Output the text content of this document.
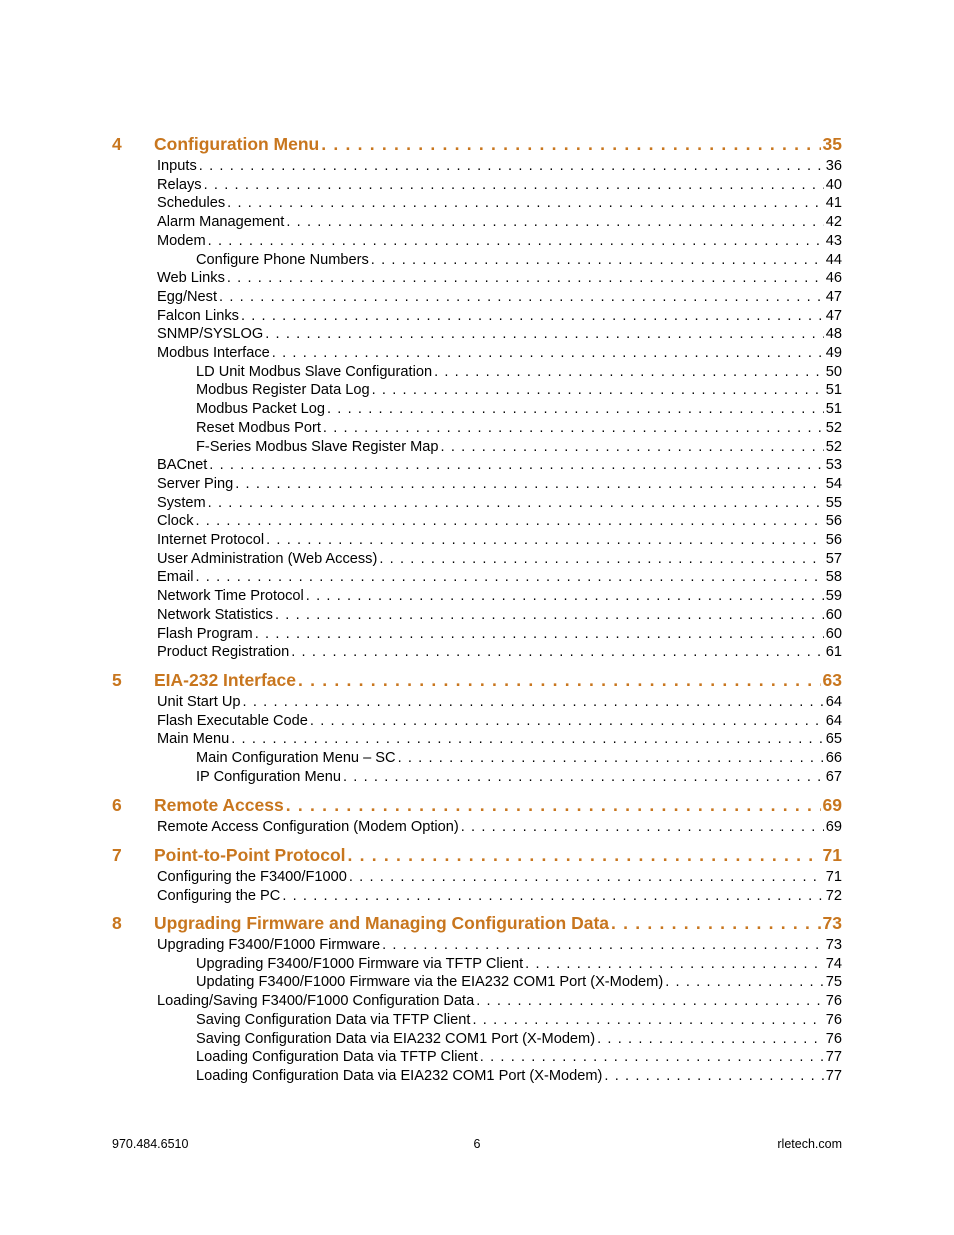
4	Configuration Menu . . .	35
Inputs . . .	36
Relays . . .	40
Schedules . . .	41
Alarm Management . . .	42
Modem . . .	43
Configure Phone Numbers . . .	44
Web Links . . .	46
Egg/Nest . . .	47
Falcon Links . . .	47
SNMP/SYSLOG . . .	48
Modbus Interface . . .	49
LD Unit Modbus Slave Configuration . . .	50
Modbus Register Data Log . . .	51
Modbus Packet Log . . .	51
Reset Modbus Port . . .	52
F-Series Modbus Slave Register Map . . .	52
BACnet . . .	53
Server Ping . . .	54
System . . .	55
Clock . . .	56
Internet Protocol . . .	56
User Administration (Web Access) . . .	57
Email . . .	58
Network Time Protocol . . .	59
Network Statistics . . .	60
Flash Program . . .	60
Product Registration . . .	61
5	EIA-232 Interface . . .	63
Unit Start Up . . .	64
Flash Executable Code . . .	64
Main Menu . . .	65
Main Configuration Menu – SC . . .	66
IP Configuration Menu . . .	67
6	Remote Access . . .	69
Remote Access Configuration (Modem Option) . . .	69
7	Point-to-Point Protocol . . .	71
Configuring the F3400/F1000 . . .	71
Configuring the PC . . .	72
8	Upgrading Firmware and Managing Configuration Data . . .	73
Upgrading F3400/F1000 Firmware . . .	73
Upgrading F3400/F1000 Firmware via TFTP Client . . .	74
Updating F3400/F1000 Firmware via the EIA232 COM1 Port (X-Modem) . . .	75
Loading/Saving F3400/F1000 Configuration Data . . .	76
Saving Configuration Data via TFTP Client . . .	76
Saving Configuration Data via EIA232 COM1 Port (X-Modem) . . .	76
Loading Configuration Data via TFTP Client . . .	77
Loading Configuration Data via EIA232 COM1 Port (X-Modem) . . .	77
970.484.6510	6	rletech.com
